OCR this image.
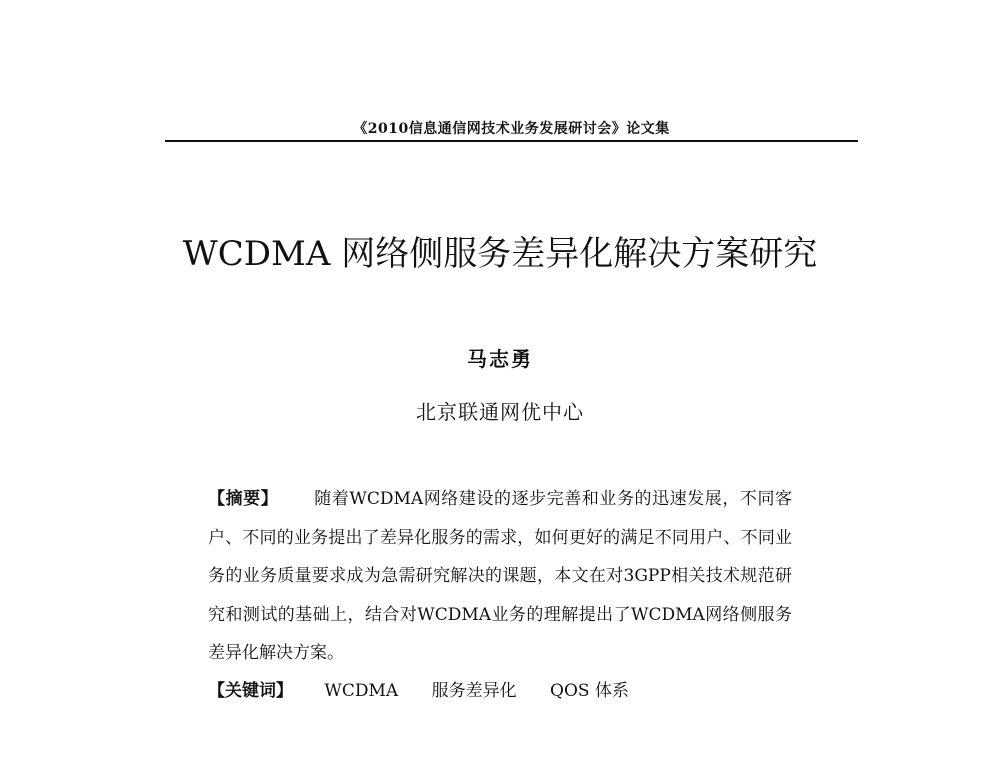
《2010信息通信网技术业务发展研讨会》论文集
WCDMA 网络侧服务差异化解决方案研究
马志勇
北京联通网优中心

【摘要】 随着WCDMA网络建设的逐步完善和业务的迅速发展，不同客户、不同的业务提出了差异化服务的需求，如何更好的满足不同用户、不同业务的业务质量要求成为急需研究解决的课题，本文在对3GPP相关技术规范研究和测试的基础上，结合对WCDMA业务的理解提出了WCDMA网络侧服务差异化解决方案。

【关键词】 WCDMA 服务差异化 QOS 体系
